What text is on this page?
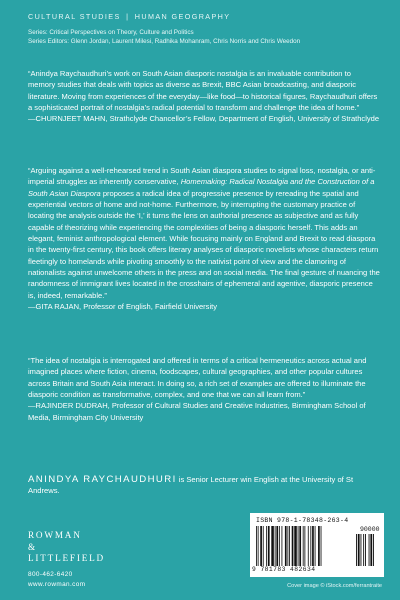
CULTURAL STUDIES | HUMAN GEOGRAPHY
Series: Critical Perspectives on Theory, Culture and Politics
Series Editors: Glenn Jordan, Laurent Milesi, Radhika Mohanram, Chris Norris and Chris Weedon

“Anindya Raychaudhuri’s work on South Asian diasporic nostalgia is an invaluable contribution to memory studies that deals with topics as diverse as Brexit, BBC Asian broadcasting, and diasporic literature. Moving from experiences of the everyday—like food—to historical figures, Raychaudhuri offers a sophisticated portrait of nostalgia’s radical potential to transform and challenge the idea of home.”

—CHURNJEET MAHN, Strathclyde Chancellor’s Fellow, Department of English, University of Strathclyde

“Arguing against a well-rehearsed trend in South Asian diaspora studies to signal loss, nostalgia, or anti-imperial struggles as inherently conservative, Homemaking: Radical Nostalgia and the Construction of a South Asian Diaspora proposes a radical idea of progressive presence by rereading the spatial and experiential vectors of home and not-home. Furthermore, by interrupting the customary practice of locating the analysis outside the ‘I,’ it turns the lens on authorial presence as subjective and as fully capable of theorizing while experiencing the complexities of being a diasporic herself. This adds an elegant, feminist anthropological element. While focusing mainly on England and Brexit to read diaspora in the twenty-first century, this book offers literary analyses of diasporic novelists whose characters return fleetingly to homelands while pivoting smoothly to the nativist point of view and the clamoring of nationalists against unwelcome others in the press and on social media. The final gesture of nuancing the randomness of immigrant lives located in the crosshairs of ephemeral and agentive, diasporic presence is, indeed, remarkable.”

—GITA RAJAN, Professor of English, Fairfield University

“The idea of nostalgia is interrogated and offered in terms of a critical hermeneutics across actual and imagined places where fiction, cinema, foodscapes, cultural geographies, and other popular cultures across Britain and South Asia interact. In doing so, a rich set of examples are offered to illuminate the diasporic condition as transformative, complex, and one that we can all learn from.”

—RAJINDER DUDRAH, Professor of Cultural Studies and Creative Industries, Birmingham School of Media, Birmingham City University

ANINDYA RAYCHAUDHURI is Senior Lecturer win English at the University of St Andrews.
ROWMAN
&
LITTLEFIELD
800-462-6420
www.rowman.com
ISBN 978-1-78348-263-4
90000
9 781783 482634
Cover image © iStock.com/ferrantraite
